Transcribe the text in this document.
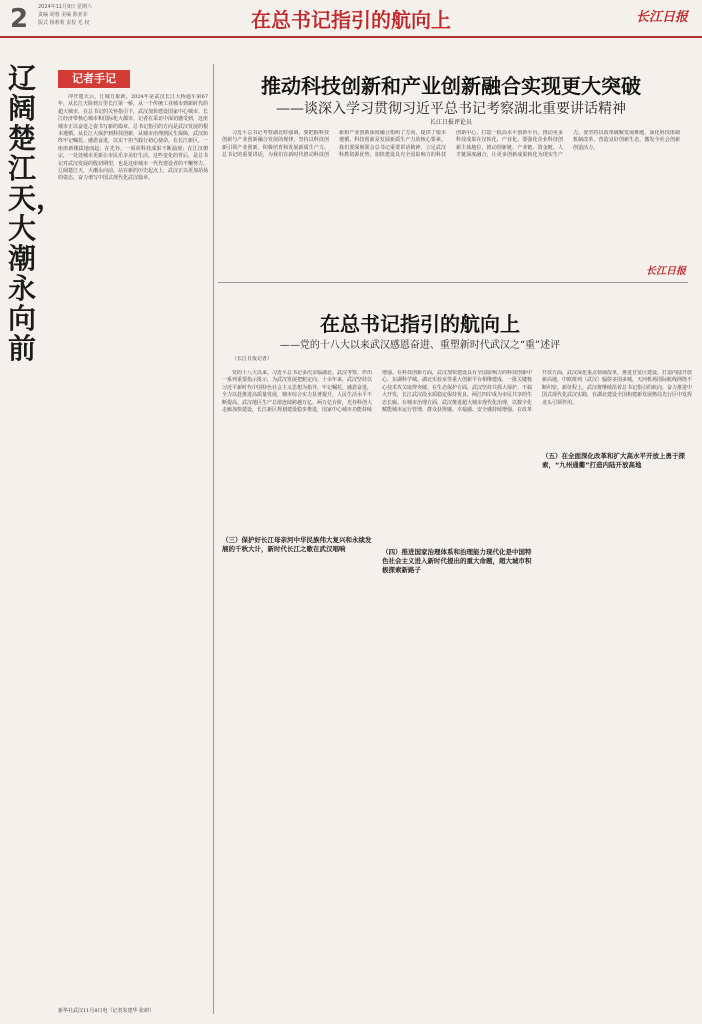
2 2024年11月9日 星期六
责编 胡蓉 美编 陈亚菲
版式 杨莉莉 责校 毛 权	在总书记指引的航向上	长江日报
辽阔楚江天，大潮永向前
记者手记

冲开楚天云，江城万象新。2024年是武汉长江大桥通车第67年，从长江天险到万里长江第一桥，从一个传统工业城市到新时代的超大城市，在总书记的关怀指引下，武汉加快建设国家中心城市、长江经济带核心城市和国际化大都市。记者在采访中深切感受到，这座城市正以奋进之姿书写新的篇章。总书记指引的方向是武汉发展的根本遵循。从长江大保护到科技创新，从城市治理到民生保障，武汉始终牢记嘱托、感恩奋进，以实干担当践行初心使命。在长江新区，一座座新楼拔地而起；在光谷，一项项科技成果不断涌现；在江汉朝宗，一处处城市更新让市民乐享美好生活。这些变化的背后，是总书记对武汉发展的殷切期望，也是这座城市一代代建设者的不懈努力。辽阔楚江天，大潮永向前。站在新的历史起点上，武汉正以更加昂扬的姿态，奋力谱写中国式现代化武汉篇章。

新华社武汉11月8日电（记者朱建华 张研）
推动科技创新和产业创新融合实现更大突破
——谈深入学习贯彻习近平总书记考察湖北重要讲话精神
长江日报评论员

习近平总书记考察湖北时强调，要把握科技创新与产业创新融合发展的规律，坚持以科技创新引领产业创新，积极培育和发展新质生产力。总书记的重要讲话，为我们在新时代推动科技创新和产业创新深度融合指明了方向，提供了根本遵循。科技创新是发展新质生产力的核心要素。我们要深刻领会总书记重要讲话精神，立足武汉科教资源优势，加快建设具有全国影响力的科技创新中心，打造一批高水平创新平台，推动更多科技成果在汉转化、产业化。要强化企业科技创新主体地位，推动创新链、产业链、资金链、人才链深度融合，让更多创新成果转化为现实生产力。要坚持以改革破解发展难题，深化科技体制机制改革，营造良好创新生态，激发全社会创新创造活力。

长江日报
在总书记指引的航向上
——党的十八大以来武汉感恩奋进、重塑新时代武汉之“重”述评

（长江日报记者）

党的十八大以来，习近平总书记多次亲临湖北、武汉考察，作出一系列重要指示批示，为武汉发展把舵定向。十余年来，武汉坚持以习近平新时代中国特色社会主义思想为指导，牢记嘱托，感恩奋进，全力以赴推进高质量发展，城市综合实力显著提升，人民生活水平不断提高。武汉地区生产总值连续跨越万亿、两万亿台阶，光谷科创大走廊加快建设，长江新区规划建设稳步推进，国家中心城市功能持续增强。在科技创新方面，武汉加快建设具有全国影响力的科技创新中心，东湖科学城、湖北实验室等重大创新平台相继建成，一批关键核心技术攻关取得突破。在生态保护方面，武汉坚持共抓大保护、不搞大开发，长江武汉段水质稳定保持优良，两江四岸成为市民共享的生态长廊。在城市治理方面，武汉推进超大城市现代化治理，以数字化赋能城市运行管理，群众获得感、幸福感、安全感持续增强。在改革开放方面，武汉深化重点领域改革，推进自贸区建设，打造内陆开放新高地，中欧班列（武汉）辐射多国多城，天河机场国际航线网络不断织密。新征程上，武汉将继续沿着总书记指引的航向，奋力推进中国式现代化武汉实践，在湖北建设全国构建新发展格局先行区中发挥龙头引领作用。

（三）保护好长江母亲河中华民族伟大复兴和永续发展的千秋大计，新时代长江之歌在武汉唱响	（四）推进国家治理体系和治理能力现代化是中国特色社会主义进入新时代提出的重大命题，超大城市积极探索新路子
（五）在全面深化改革和扩大高水平开放上勇于探索，“九州通衢”打造内陆开放高地
